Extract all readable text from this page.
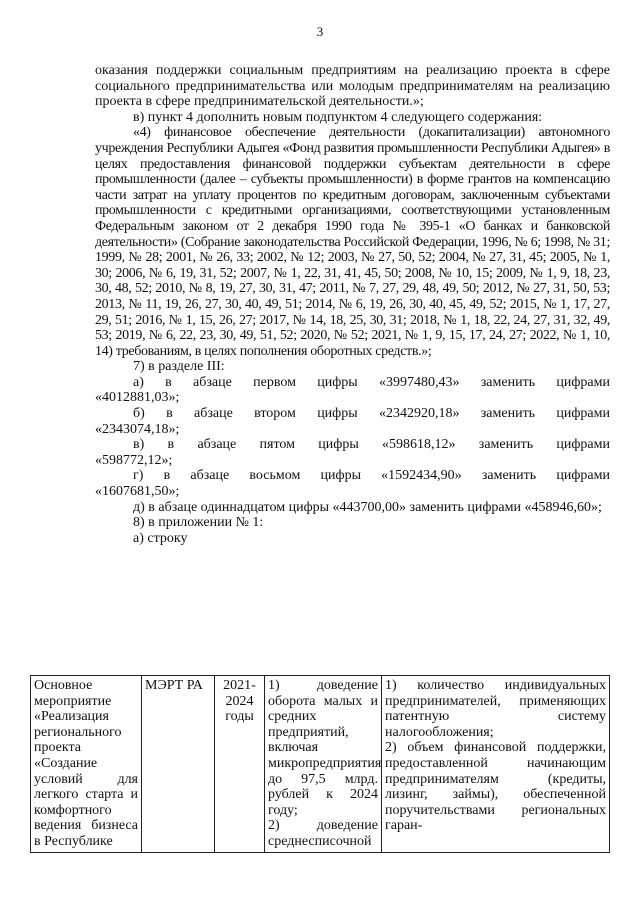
3

оказания поддержки социальным предприятиям на реализацию проекта в сфере социального предпринимательства или молодым предпринимателям на реализацию проекта в сфере предпринимательской деятельности.»;

в) пункт 4 дополнить новым подпунктом 4 следующего содержания:

«4) финансовое обеспечение деятельности (докапитализации) автономного учреждения Республики Адыгея «Фонд развития промышленности Республики Адыгея» в целях предоставления финансовой поддержки субъектам деятельности в сфере промышленности (далее – субъекты промышленности) в форме грантов на компенсацию части затрат на уплату процентов по кредитным договорам, заключенным субъектами промышленности с кредитными организациями, соответствующими установленным Федеральным законом от 2 декабря 1990 года № 395-1 «О банках и банковской деятельности» (Собрание законодательства Российской Федерации, 1996, № 6; 1998, № 31; 1999, № 28; 2001, № 26, 33; 2002, № 12; 2003, № 27, 50, 52; 2004, № 27, 31, 45; 2005, № 1, 30; 2006, № 6, 19, 31, 52; 2007, № 1, 22, 31, 41, 45, 50; 2008, № 10, 15; 2009, № 1, 9, 18, 23, 30, 48, 52; 2010, № 8, 19, 27, 30, 31, 47; 2011, № 7, 27, 29, 48, 49, 50; 2012, № 27, 31, 50, 53; 2013, № 11, 19, 26, 27, 30, 40, 49, 51; 2014, № 6, 19, 26, 30, 40, 45, 49, 52; 2015, № 1, 17, 27, 29, 51; 2016, № 1, 15, 26, 27; 2017, № 14, 18, 25, 30, 31; 2018, № 1, 18, 22, 24, 27, 31, 32, 49, 53; 2019, № 6, 22, 23, 30, 49, 51, 52; 2020, № 52; 2021, № 1, 9, 15, 17, 24, 27; 2022, № 1, 10, 14) требованиям, в целях пополнения оборотных средств.»;

7) в разделе III:

а) в абзаце первом цифры «3997480,43» заменить цифрами «4012881,03»;

б) в абзаце втором цифры «2342920,18» заменить цифрами «2343074,18»;

в) в абзаце пятом цифры «598618,12» заменить цифрами «598772,12»;

г) в абзаце восьмом цифры «1592434,90» заменить цифрами «1607681,50»;

д) в абзаце одиннадцатом цифры «443700,00» заменить цифрами «458946,60»;

8) в приложении № 1:

а) строку

Основное мероприятие «Реализация регионального проекта «Создание условий для легкого старта и комфортного ведения бизнеса в Республике	МЭРТ РА	2021-2024 годы	1) доведение оборота малых и средних предприятий, включая микропредприятия до 97,5 млрд. рублей к 2024 году;
2) доведение среднесписочной	1) количество индивидуальных предпринимателей, применяющих патентную систему налогообложения;
2) объем финансовой поддержки, предоставленной начинающим предпринимателям (кредиты, лизинг, займы), обеспеченной поручительствами региональных гаран-
